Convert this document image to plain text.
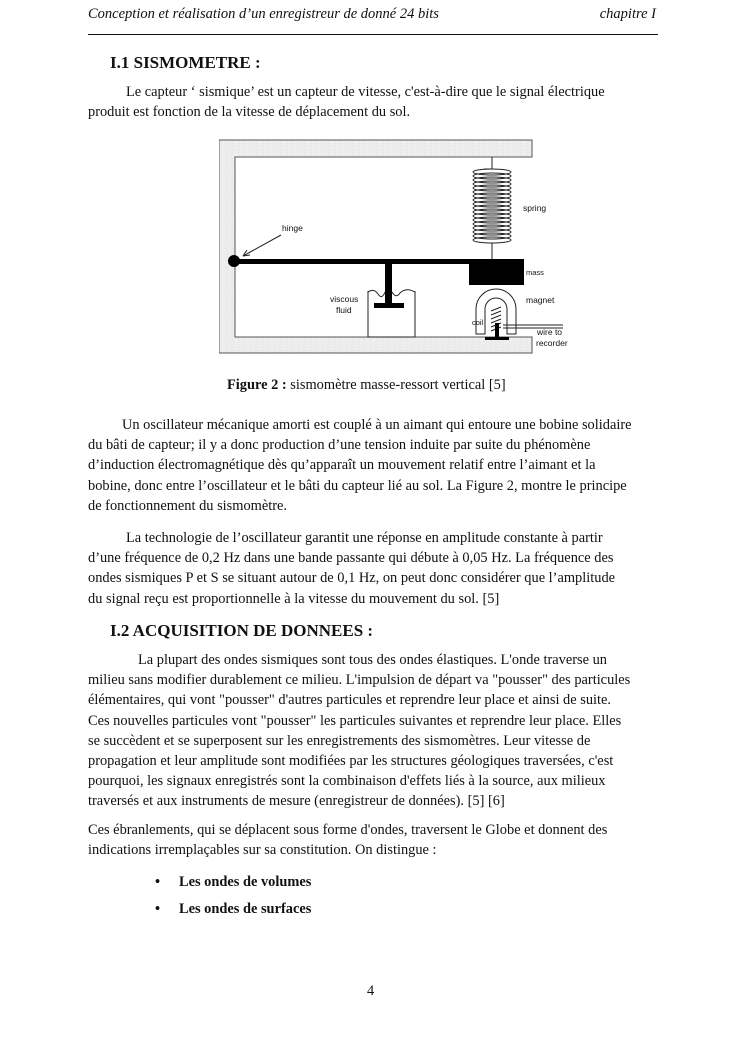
Conception et réalisation d’un enregistreur de donné 24 bits	chapitre I
I.1 SISMOMETRE :

Le capteur ‘ sismique’ est un capteur de vitesse, c'est-à-dire que le signal électrique
produit est fonction de la vitesse de déplacement du sol.

spring
hinge
mass
magnet
viscous
fluid
coil
wire to
recorder
Figure 2 : sismomètre masse-ressort vertical [5]

Un oscillateur mécanique amorti est couplé à un aimant qui entoure une bobine solidaire
du bâti de capteur; il y a donc production d’une tension induite par suite du phénomène
d’induction électromagnétique dès qu’apparaît un mouvement relatif entre l’aimant et la
bobine, donc entre l’oscillateur et le bâti du capteur lié au sol. La Figure 2, montre le principe
de fonctionnement du sismomètre.

La technologie de l’oscillateur garantit une réponse en amplitude constante à partir
d’une fréquence de 0,2 Hz dans une bande passante qui débute à 0,05 Hz. La fréquence des
ondes sismiques P et S se situant autour de 0,1 Hz, on peut donc considérer que l’amplitude
du signal reçu est proportionnelle à la vitesse du mouvement du sol. [5]

I.2 ACQUISITION DE DONNEES :

La plupart des ondes sismiques sont tous des ondes élastiques. L'onde traverse un
milieu sans modifier durablement ce milieu. L'impulsion de départ va "pousser" des particules
élémentaires, qui vont "pousser" d'autres particules et reprendre leur place et ainsi de suite.
Ces nouvelles particules vont "pousser" les particules suivantes et reprendre leur place. Elles
se succèdent et se superposent sur les enregistrements des sismomètres. Leur vitesse de
propagation et leur amplitude sont modifiées par les structures géologiques traversées, c'est
pourquoi, les signaux enregistrés sont la combinaison d'effets liés à la source, aux milieux
traversés et aux instruments de mesure (enregistreur de données). [5] [6]

Ces ébranlements, qui se déplacent sous forme d'ondes, traversent le Globe et donnent des
indications irremplaçables sur sa constitution. On distingue :

• Les ondes de volumes
• Les ondes de surfaces
4
